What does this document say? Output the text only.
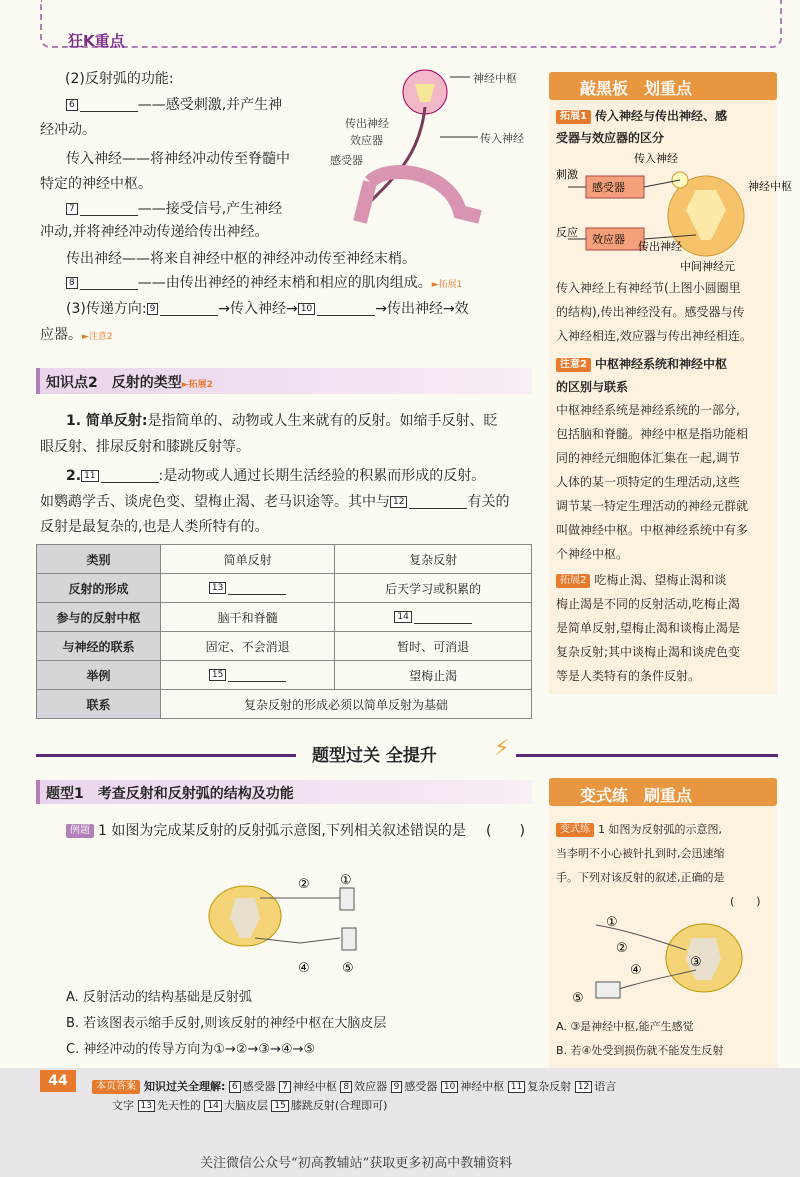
狂K重点
(2)反射弧的功能:
6	——感受刺激,并产生神
经冲动。
传入神经——将神经冲动传至脊髓中
特定的神经中枢。
7	——接受信号,产生神经
冲动,并将神经冲动传递给传出神经。
传出神经——将来自神经中枢的神经冲动传至神经末梢。
8	——由传出神经的神经末梢和相应的肌肉组成。►拓展1
(3)传递方向: 9	→传入神经→ 10	→传出神经→效
应器。►注意2
神经中枢
传出神经
效应器	传入神经
感受器
知识点2　反射的类型►拓展2
1. 简单反射:是指简单的、动物或人生来就有的反射。如缩手反射、眨
眼反射、排尿反射和膝跳反射等。
2. 11	:是动物或人通过长期生活经验的积累而形成的反射。
如鹦鹉学舌、谈虎色变、望梅止渴、老马识途等。其中与 12	有关的
反射是最复杂的,也是人类所特有的。
类别	简单反射	复杂反射
反射的形成	13	后天学习或积累的
参与的反射中枢	脑干和脊髓	14
与神经的联系	固定、不会消退	暂时、可消退
举例	15	望梅止渴
联系	复杂反射的形成必须以简单反射为基础	
敲黑板　划重点
拓展1 传入神经与传出神经、感
受器与效应器的区分
刺激
感受器
传入神经
神经中枢
反应
效应器
传出神经
中间神经元
传入神经上有神经节(上图小圆圈里
的结构),传出神经没有。感受器与传
入神经相连,效应器与传出神经相连。
注意2 中枢神经系统和神经中枢
的区别与联系
中枢神经系统是神经系统的一部分,
包括脑和脊髓。神经中枢是指功能相
同的神经元细胞体汇集在一起,调节
人体的某一项特定的生理活动,这些
调节某一特定生理活动的神经元群就
叫做神经中枢。中枢神经系统中有多
个神经中枢。
拓展2 吃梅止渴、望梅止渴和谈
梅止渴是不同的反射活动,吃梅止渴
是简单反射,望梅止渴和谈梅止渴是
复杂反射;其中谈梅止渴和谈虎色变
等是人类特有的条件反射。
题型过关 全提升	⚡
题型1　考查反射和反射弧的结构及功能
例题 1 如图为完成某反射的反射弧示意图,下列相关叙述错误的是 (　　)
② ①
④ ⑤
A. 反射活动的结构基础是反射弧
B. 若该图表示缩手反射,则该反射的神经中枢在大脑皮层
C. 神经冲动的传导方向为①→②→③→④→⑤
变式练　刷重点
变式练 1 如图为反射弧的示意图,
当李明不小心被针扎到时,会迅速缩
手。下列对该反射的叙述,正确的是
(　　)
①
②
③
④
⑤
A. ③是神经中枢,能产生感觉
B. 若④处受到损伤就不能发生反射
44	本页答案 知识过关全理解: 6 感受器 7 神经中枢 8 效应器 9 感受器 10 神经中枢 11 复杂反射 12 语言
文字 13 先天性的 14 大脑皮层 15 膝跳反射(合理即可)
关注微信公众号“初高教辅站”获取更多初高中教辅资料
